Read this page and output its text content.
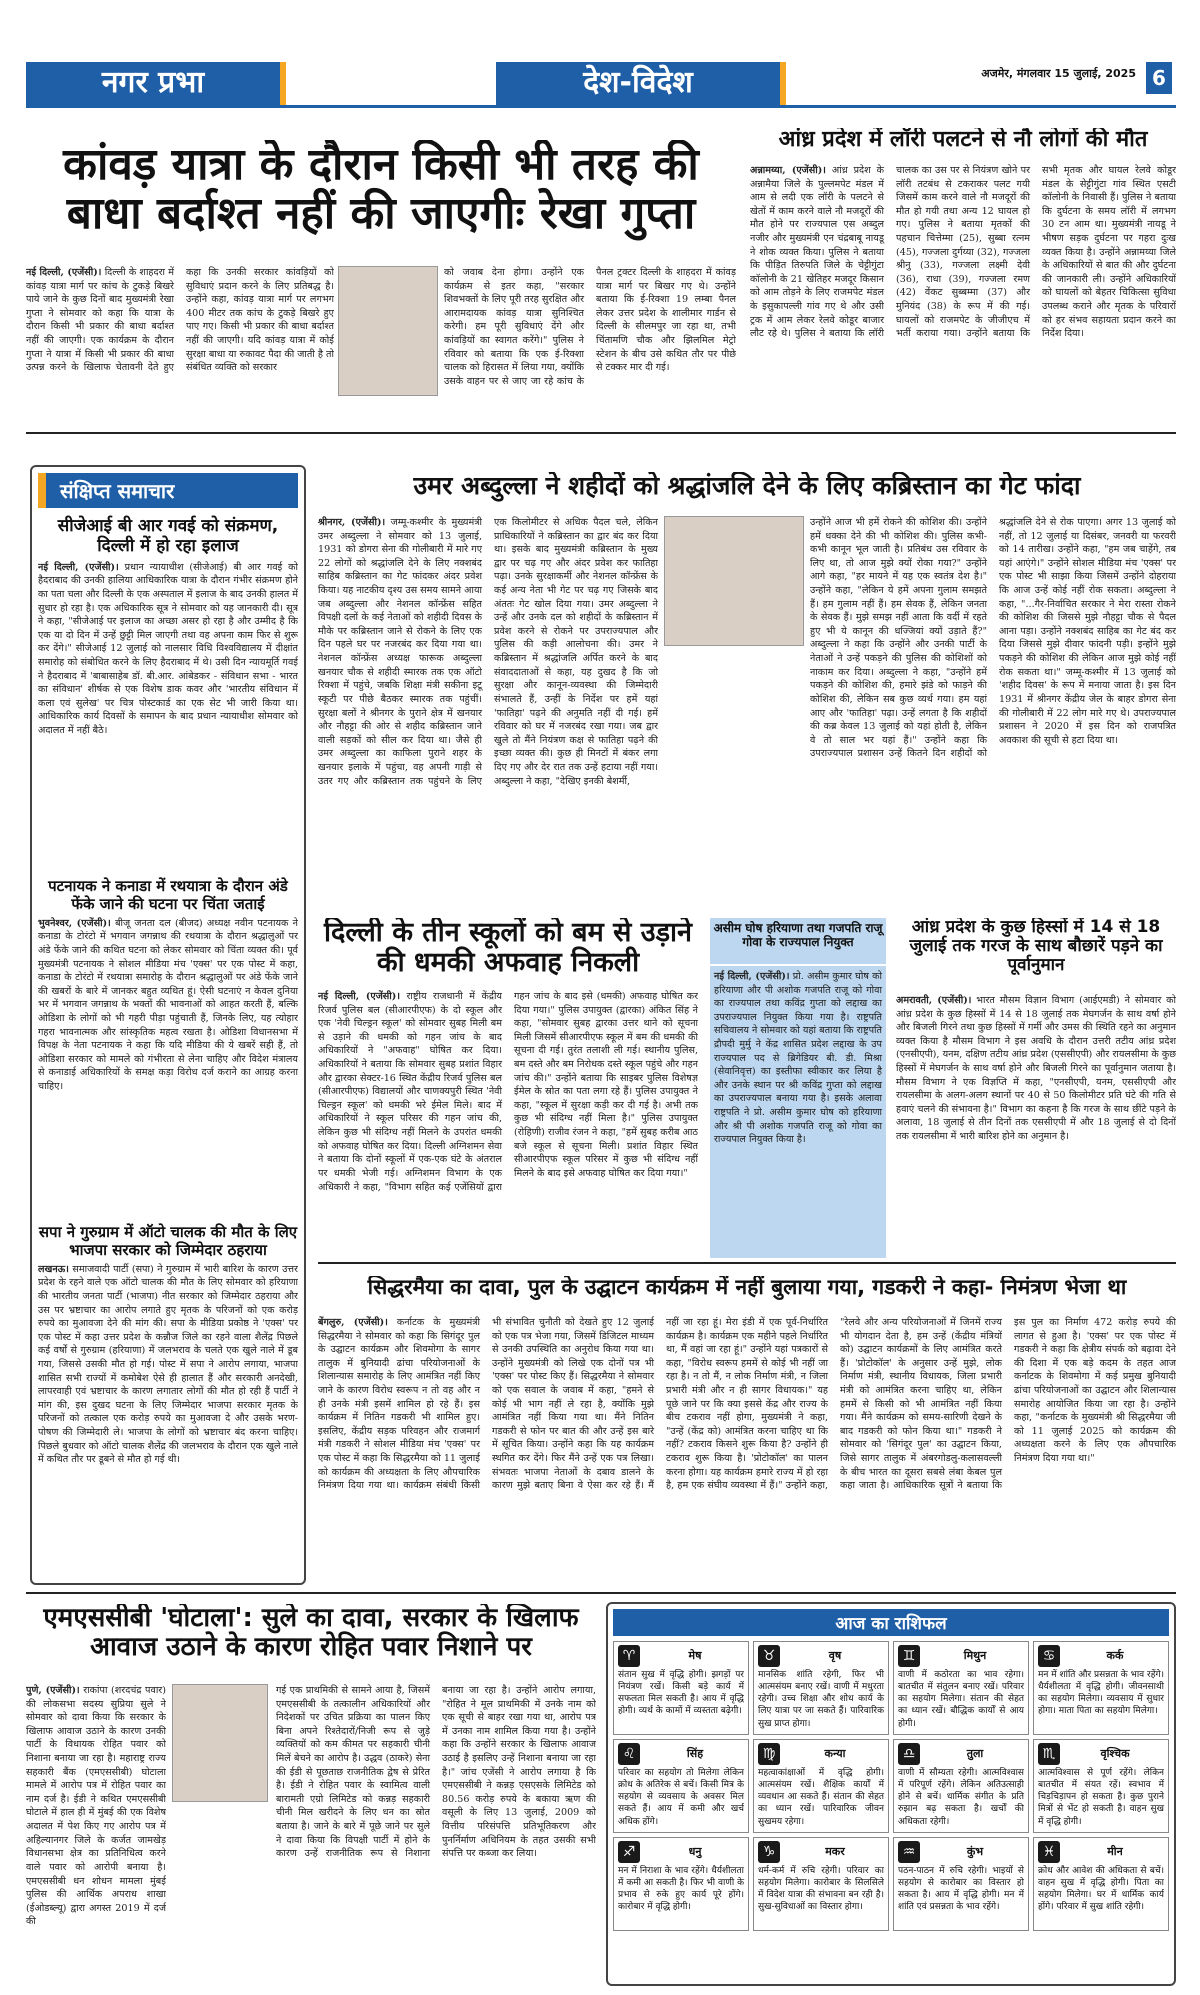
नगर प्रभा	देश-विदेश	अजमेर, मंगलवार 15 जुलाई, 2025 6
कांवड़ यात्रा के दौरान किसी भी तरह की बाधा बर्दाश्त नहीं की जाएगीः रेखा गुप्ता
नई दिल्ली, (एजेंसी)। दिल्ली के शाहदरा में कांवड़ यात्रा मार्ग पर कांच के टुकड़े बिखरे पाये जाने के कुछ दिनों बाद मुख्यमंत्री रेखा गुप्ता ने सोमवार को कहा कि यात्रा के दौरान किसी भी प्रकार की बाधा बर्दाश्त नहीं की जाएगी। एक कार्यक्रम के दौरान गुप्ता ने यात्रा में किसी भी प्रकार की बाधा उत्पन्न करने के खिलाफ चेतावनी देते हुए कहा कि उनकी सरकार कांवड़ियों को सुविधाएं प्रदान करने के लिए प्रतिबद्ध है। उन्होंने कहा, कांवड़ यात्रा मार्ग पर लगभग 400 मीटर तक कांच के टुकड़े बिखरे हुए पाए गए। किसी भी प्रकार की बाधा बर्दाश्त नहीं की जाएगी। यदि कांवड़ यात्रा में कोई सुरक्षा बाधा या रुकावट पैदा की जाती है तो संबंधित व्यक्ति को सरकार
को जवाब देना होगा। उन्होंने एक कार्यक्रम से इतर कहा, "सरकार शिवभक्तों के लिए पूरी तरह सुरक्षित और आरामदायक कांवड़ यात्रा सुनिश्चित करेगी। हम पूरी सुविधाएं देंगे और कांवड़ियों का स्वागत करेंगे।" पुलिस ने रविवार को बताया कि एक ई-रिक्शा चालक को हिरासत में लिया गया, क्योंकि उसके वाहन पर से जाए जा रहे कांच के पैनल ट्रक्टर दिल्ली के शाहदरा में कांवड़ यात्रा मार्ग पर बिखर गए थे। उन्होंने बताया कि ई-रिक्शा 19 लम्बा पैनल लेकर उत्तर प्रदेश के शालीमार गार्डन से दिल्ली के सीलमपुर जा रहा था, तभी चिंतामणि चौक और झिलमिल मेट्रो स्टेशन के बीच उसे कथित तौर पर पीछे से टक्कर मार दी गई।
आंध्र प्रदेश में लॉरी पलटने से नौ लोगों की मौत
अन्नामय्या, (एजेंसी)। आंध्र प्रदेश के अन्नामैया जिले के पुल्लमपेट मंडल में आम से लदी एक लॉरी के पलटने से खेतों में काम करने वाले नौ मजदूरों की मौत होने पर राज्यपाल एस अब्दुल नजीर और मुख्यमंत्री एन चंद्रबाबू नायडू ने शोक व्यक्त किया। पुलिस ने बताया कि पीड़ित तिरुपति जिले के चेट्टीगुंटा कॉलोनी के 21 खेतिहर मजदूर किसान को आम तोड़ने के लिए राजमपेट मंडल के इसुकापल्ली गांव गए थे और उसी ट्रक में आम लेकर रेलवे कोडूर बाजार लौट रहे थे। पुलिस ने बताया कि लॉरी चालक का उस पर से नियंत्रण खोने पर लॉरी तटबंध से टकराकर पलट गयी जिसमें काम करने वाले नौ मजदूरों की मौत हो गयी तथा अन्य 12 घायल हो गए। पुलिस ने बताया मृतकों की पहचान चित्तेम्मा (25), सुब्बा रत्नम (45), गज्जला दुर्गय्या (32), गज्जला श्रीनु (33), गज्जला लक्ष्मी देवी (36), राधा (39), गज्जला रमण (42) वेंकट सुब्बम्मा (37) और मुनियंद (38) के रूप में की गई। घायलों को राजमपेट के जीजीएच में भर्ती कराया गया। उन्होंने बताया कि सभी मृतक और घायल रेलवे कोडूर मंडल के सेट्टीगुंटा गांव स्थित एसटी कॉलोनी के निवासी हैं। पुलिस ने बताया कि दुर्घटना के समय लॉरी में लगभग 30 टन आम था। मुख्यमंत्री नायडू ने भीषण सड़क दुर्घटना पर गहरा दुःख व्यक्त किया है। उन्होंने अन्नामय्या जिले के अधिकारियों से बात की और दुर्घटना की जानकारी ली। उन्होंने अधिकारियों को घायलों को बेहतर चिकित्सा सुविधा उपलब्ध कराने और मृतक के परिवारों को हर संभव सहायता प्रदान करने का निर्देश दिया।
संक्षिप्त समाचार
सीजेआई बी आर गवई को संक्रमण, दिल्ली में हो रहा इलाज
नई दिल्ली, (एजेंसी)। प्रधान न्यायाधीश (सीजेआई) बी आर गवई को हैदराबाद की उनकी हालिया आधिकारिक यात्रा के दौरान गंभीर संक्रमण होने का पता चला और दिल्ली के एक अस्पताल में इलाज के बाद उनकी हालत में सुधार हो रहा है। एक अधिकारिक सूत्र ने सोमवार को यह जानकारी दी। सूत्र ने कहा, "सीजेआई पर इलाज का अच्छा असर हो रहा है और उम्मीद है कि एक या दो दिन में उन्हें छुट्टी मिल जाएगी तथा वह अपना काम फिर से शुरू कर देंगे।" सीजेआई 12 जुलाई को नालसार विधि विश्वविद्यालय में दीक्षांत समारोह को संबोधित करने के लिए हैदराबाद में थे। उसी दिन न्यायमूर्ति गवई ने हैदराबाद में 'बाबासाहेब डॉ. बी.आर. आंबेडकर - संविधान सभा - भारत का संविधान' शीर्षक से एक विशेष डाक कवर और 'भारतीय संविधान में कला एवं सुलेख' पर चित्र पोस्टकार्ड का एक सेट भी जारी किया था।आधिकारिक कार्य दिवसों के समापन के बाद प्रधान न्यायाधीश सोमवार को अदालत में नहीं बैठे।
पटनायक ने कनाडा में रथयात्रा के दौरान अंडे फेंके जाने की घटना पर चिंता जताई
भुवनेश्वर, (एजेंसी)। बीजू जनता दल (बीजद) अध्यक्ष नवीन पटनायक ने कनाडा के टोरंटो में भगवान जगन्नाथ की रथयात्रा के दौरान श्रद्धालुओं पर अंडे फेंके जाने की कथित घटना को लेकर सोमवार को चिंता व्यक्त की। पूर्व मुख्यमंत्री पटनायक ने सोशल मीडिया मंच 'एक्स' पर एक पोस्ट में कहा, कनाडा के टोरंटो में रथयात्रा समारोह के दौरान श्रद्धालुओं पर अंडे फेंके जाने की खबरों के बारे में जानकर बहुत व्यथित हूं। ऐसी घटनाएं न केवल दुनिया भर में भगवान जगन्नाथ के भक्तों की भावनाओं को आहत करती हैं, बल्कि ओडिशा के लोगों को भी गहरी पीड़ा पहुंचाती हैं, जिनके लिए, यह त्योहार गहरा भावनात्मक और सांस्कृतिक महत्व रखता है। ओडिशा विधानसभा में विपक्ष के नेता पटनायक ने कहा कि यदि मीडिया की ये खबरें सही हैं, तो ओडिशा सरकार को मामले को गंभीरता से लेना चाहिए और विदेश मंत्रालय से कनाडाई अधिकारियों के समक्ष कड़ा विरोध दर्ज कराने का आग्रह करना चाहिए।
सपा ने गुरुग्राम में ऑटो चालक की मौत के लिए भाजपा सरकार को जिम्मेदार ठहराया
लखनऊ। समाजवादी पार्टी (सपा) ने गुरुग्राम में भारी बारिश के कारण उत्तर प्रदेश के रहने वाले एक ऑटो चालक की मौत के लिए सोमवार को हरियाणा की भारतीय जनता पार्टी (भाजपा) नीत सरकार को जिम्मेदार ठहराया और उस पर भ्रष्टाचार का आरोप लगाते हुए मृतक के परिजनों को एक करोड़ रुपये का मुआवजा देने की मांग की। सपा के मीडिया प्रकोष्ठ ने 'एक्स' पर एक पोस्ट में कहा उत्तर प्रदेश के कन्नौज जिले का रहने वाला शैलेंद्र पिछले कई वर्षों से गुरुग्राम (हरियाणा) में जलभराव के चलते एक खुले नाले में डूब गया, जिससे उसकी मौत हो गई। पोस्ट में सपा ने आरोप लगाया, भाजपा शासित सभी राज्यों में कमोबेश ऐसे ही हालात हैं और सरकारी अनदेखी, लापरवाही एवं भ्रष्टाचार के कारण लगातार लोगों की मौत हो रही हैं पार्टी ने मांग की, इस दुखद घटना के लिए जिम्मेदार भाजपा सरकार मृतक के परिजनों को तत्काल एक करोड़ रुपये का मुआवजा दे और उसके भरण-पोषण की जिम्मेदारी ले। भाजपा के लोगों को भ्रष्टाचार बंद करना चाहिए। पिछले बुधवार को ऑटो चालक शैलेंद्र की जलभराव के दौरान एक खुले नाले में कथित तौर पर डूबने से मौत हो गई थी।
उमर अब्दुल्ला ने शहीदों को श्रद्धांजलि देने के लिए कब्रिस्तान का गेट फांदा
श्रीनगर, (एजेंसी)। जम्मू-कश्मीर के मुख्यमंत्री उमर अब्दुल्ला ने सोमवार को 13 जुलाई, 1931 को डोगरा सेना की गोलीबारी में मारे गए 22 लोगों को श्रद्धांजलि देने के लिए नक्शबंद साहिब कब्रिस्तान का गेट फांदकर अंदर प्रवेश किया। यह नाटकीय दृश्य उस समय सामने आया जब अब्दुल्ला और नेशनल कॉन्फ्रेंस सहित विपक्षी दलों के कई नेताओं को शहीदी दिवस के मौके पर कब्रिस्तान जाने से रोकने के लिए एक दिन पहले घर पर नजरबंद कर दिया गया था। नेशनल कॉन्फ्रेंस अध्यक्ष फारूक अब्दुल्ला खनयार चौक से शहीदी स्मारक तक एक ऑटो रिक्शा में पहुंचे, जबकि शिक्षा मंत्री सकीना इटू स्कूटी पर पीछे बैठकर स्मारक तक पहुंचीं। सुरक्षा बलों ने श्रीनगर के पुराने क्षेत्र में खनयार और नौहट्टा की ओर से शहीद कब्रिस्तान जाने वाली सड़कों को सील कर दिया था। जैसे ही उमर अब्दुल्ला का काफिला पुराने शहर के खनयार इलाके में पहुंचा, वह अपनी गाड़ी से उतर गए और कब्रिस्तान तक पहुंचने के लिए एक किलोमीटर से अधिक पैदल चले, लेकिन प्राधिकारियों ने कब्रिस्तान का द्वार बंद कर दिया था। इसके बाद मुख्यमंत्री कब्रिस्तान के मुख्य द्वार पर चढ़ गए और अंदर प्रवेश कर फातिहा पढ़ा। उनके सुरक्षाकर्मी और नेशनल कॉन्फ्रेंस के कई अन्य नेता भी गेट पर चढ़ गए जिसके बाद अंततः गेट खोल दिया गया। उमर अब्दुल्ला ने उन्हें और उनके दल को शहीदों के कब्रिस्तान में प्रवेश करने से रोकने पर उपराज्यपाल और पुलिस की कड़ी आलोचना की। उमर ने कब्रिस्तान में श्रद्धांजलि अर्पित करने के बाद संवाददाताओं से कहा, यह दुखद है कि जो सुरक्षा और कानून-व्यवस्था की जिम्मेदारी संभालते हैं, उन्हीं के निर्देश पर हमें यहां 'फातिहा' पढ़ने की अनुमति नहीं दी गई। हमें रविवार को घर में नजरबंद रखा गया। जब द्वार खुले तो मैंने नियंत्रण कक्ष से फातिहा पढ़ने की इच्छा व्यक्त की। कुछ ही मिनटों में बंकर लगा दिए गए और देर रात तक उन्हें हटाया नहीं गया। अब्दुल्ला ने कहा, "देखिए इनकी बेशर्मी,
उन्होंने आज भी हमें रोकने की कोशिश की। उन्होंने हमें धक्का देने की भी कोशिश की। पुलिस कभी-कभी कानून भूल जाती है। प्रतिबंध उस रविवार के लिए था, तो आज मुझे क्यों रोका गया?" उन्होंने आगे कहा, "हर मायने में यह एक स्वतंत्र देश है।" उन्होंने कहा, "लेकिन ये हमें अपना गुलाम समझते हैं। हम गुलाम नहीं हैं। हम सेवक हैं, लेकिन जनता के सेवक हैं। मुझे समझ नहीं आता कि वर्दी में रहते हुए भी ये कानून की धज्जियां क्यों उड़ाते हैं?" अब्दुल्ला ने कहा कि उन्होंने और उनकी पार्टी के नेताओं ने उन्हें पकड़ने की पुलिस की कोशिशों को नाकाम कर दिया। अब्दुल्ला ने कहा, "उन्होंने हमें पकड़ने की कोशिश की, हमारे झंडे को फाड़ने की कोशिश की, लेकिन सब कुछ व्यर्थ गया। हम यहां आए और 'फातिहा' पढ़ा। उन्हें लगता है कि शहीदों की कब्र केवल 13 जुलाई को यहां होती है, लेकिन वे तो साल भर यहां हैं।" उन्होंने कहा कि उपराज्यपाल प्रशासन उन्हें कितने दिन शहीदों को श्रद्धांजलि देने से रोक पाएगा। अगर 13 जुलाई को नहीं, तो 12 जुलाई या दिसंबर, जनवरी या फरवरी को 14 तारीख। उन्होंने कहा, "हम जब चाहेंगे, तब यहां आएंगे।" उन्होंने सोशल मीडिया मंच 'एक्स' पर एक पोस्ट भी साझा किया जिसमें उन्होंने दोहराया कि आज उन्हें कोई नहीं रोक सकता। अब्दुल्ला ने कहा, "...गैर-निर्वाचित सरकार ने मेरा रास्ता रोकने की कोशिश की जिससे मुझे नौहट्टा चौक से पैदल आना पड़ा। उन्होंने नक्शबंद साहिब का गेट बंद कर दिया जिससे मुझे दीवार फांदनी पड़ी। इन्होंने मुझे पकड़ने की कोशिश की लेकिन आज मुझे कोई नहीं रोक सकता था।" जम्मू-कश्मीर में 13 जुलाई को 'शहीद दिवस' के रूप में मनाया जाता है। इस दिन 1931 में श्रीनगर केंद्रीय जेल के बाहर डोगरा सेना की गोलीबारी में 22 लोग मारे गए थे। उपराज्यपाल प्रशासन ने 2020 में इस दिन को राजपत्रित अवकाश की सूची से हटा दिया था।
दिल्ली के तीन स्कूलों को बम से उड़ाने की धमकी अफवाह निकली
नई दिल्ली, (एजेंसी)। राष्ट्रीय राजधानी में केंद्रीय रिजर्व पुलिस बल (सीआरपीएफ) के दो स्कूल और एक 'नेवी चिल्ड्रन स्कूल' को सोमवार सुबह मिली बम से उड़ाने की धमकी को गहन जांच के बाद अधिकारियों ने "अफवाह" घोषित कर दिया। अधिकारियों ने बताया कि सोमवार सुबह प्रशांत विहार और द्वारका सेक्टर-16 स्थित केंद्रीय रिजर्व पुलिस बल (सीआरपीएफ) विद्यालयों और चाणक्यपुरी स्थित 'नेवी चिल्ड्रन स्कूल' को धमकी भरे ईमेल मिले। बाद में अधिकारियों ने स्कूल परिसर की गहन जांच की, लेकिन कुछ भी संदिग्ध नहीं मिलने के उपरांत धमकी को अफवाह घोषित कर दिया। दिल्ली अग्निशमन सेवा ने बताया कि दोनों स्कूलों में एक-एक घंटे के अंतराल पर धमकी भेजी गई। अग्निशमन विभाग के एक अधिकारी ने कहा, "विभाग सहित कई एजेंसियों द्वारा गहन जांच के बाद इसे (धमकी) अफवाह घोषित कर दिया गया।" पुलिस उपायुक्त (द्वारका) अंकित सिंह ने कहा, "सोमवार सुबह द्वारका उत्तर थाने को सूचना मिली जिसमें सीआरपीएफ स्कूल में बम की धमकी की सूचना दी गई। तुरंत तलाशी ली गई। स्थानीय पुलिस, बम दस्ते और बम निरोधक दस्ते स्कूल पहुंचे और गहन जांच की।" उन्होंने बताया कि साइबर पुलिस विशेषज्ञ ईमेल के स्रोत का पता लगा रहे हैं। पुलिस उपायुक्त ने कहा, "स्कूल में सुरक्षा कड़ी कर दी गई है। अभी तक कुछ भी संदिग्ध नहीं मिला है।" पुलिस उपायुक्त (रोहिणी) राजीव रंजन ने कहा, "हमें सुबह करीब आठ बजे स्कूल से सूचना मिली। प्रशांत विहार स्थित सीआरपीएफ स्कूल परिसर में कुछ भी संदिग्ध नहीं मिलने के बाद इसे अफवाह घोषित कर दिया गया।"
असीम घोष हरियाणा तथा गजपति राजू गोवा के राज्यपाल नियुक्त
नई दिल्ली, (एजेंसी)। प्रो. असीम कुमार घोष को हरियाणा और पी अशोक गजपति राजू को गोवा का राज्यपाल तथा कविंद्र गुप्ता को लद्दाख का उपराज्यपाल नियुक्त किया गया है। राष्ट्रपति सचिवालय ने सोमवार को यहां बताया कि राष्ट्रपति द्रौपदी मुर्मु ने केंद्र शासित प्रदेश लद्दाख के उप राज्यपाल पद से ब्रिगेडियर बी. डी. मिश्रा (सेवानिवृत्त) का इस्तीफा स्वीकार कर लिया है और उनके स्थान पर श्री कविंद्र गुप्ता को लद्दाख का उपराज्यपाल बनाया गया है। इसके अलावा राष्ट्रपति ने प्रो. असीम कुमार घोष को हरियाणा और श्री पी अशोक गजपति राजू को गोवा का राज्यपाल नियुक्त किया है।
आंध्र प्रदेश के कुछ हिस्सों में 14 से 18 जुलाई तक गरज के साथ बौछारें पड़ने का पूर्वानुमान
अमरावती, (एजेंसी)। भारत मौसम विज्ञान विभाग (आईएमडी) ने सोमवार को आंध्र प्रदेश के कुछ हिस्सों में 14 से 18 जुलाई तक मेघगर्जन के साथ वर्षा होने और बिजली गिरने तथा कुछ हिस्सों में गर्मी और उमस की स्थिति रहने का अनुमान व्यक्त किया है मौसम विभाग ने इस अवधि के दौरान उत्तरी तटीय आंध्र प्रदेश (एनसीएपी), यनम, दक्षिण तटीय आंध्र प्रदेश (एससीएपी) और रायलसीमा के कुछ हिस्सों में मेघगर्जन के साथ वर्षा होने और बिजली गिरने का पूर्वानुमान जताया है। मौसम विभाग ने एक विज्ञप्ति में कहा, "एनसीएपी, यनम, एससीएपी और रायलसीमा के अलग-अलग स्थानों पर 40 से 50 किलोमीटर प्रति घंटे की गति से हवाएं चलने की संभावना है।" विभाग का कहना है कि गरज के साथ छींटे पड़ने के अलावा, 18 जुलाई से तीन दिनों तक एससीएपी में और 18 जुलाई से दो दिनों तक रायलसीमा में भारी बारिश होने का अनुमान है।
सिद्धरमैया का दावा, पुल के उद्घाटन कार्यक्रम में नहीं बुलाया गया, गडकरी ने कहा- निमंत्रण भेजा था
बेंगलुरु, (एजेंसी)। कर्नाटक के मुख्यमंत्री सिद्धरमैया ने सोमवार को कहा कि सिगंदूर पुल के उद्घाटन कार्यक्रम और शिवमोगा के सागर तालुक में बुनियादी ढांचा परियोजनाओं के शिलान्यास समारोह के लिए आमंत्रित नहीं किए जाने के कारण विरोध स्वरूप न तो वह और न ही उनके मंत्री इसमें शामिल हो रहे हैं। इस कार्यक्रम में नितिन गडकरी भी शामिल हुए। इसलिए, केंद्रीय सड़क परिवहन और राजमार्ग मंत्री गडकरी ने सोशल मीडिया मंच 'एक्स' पर एक पोस्ट में कहा कि सिद्धरमैया को 11 जुलाई को कार्यक्रम की अध्यक्षता के लिए औपचारिक निमंत्रण दिया गया था। कार्यक्रम संबंधी किसी भी संभावित चुनौती को देखते हुए 12 जुलाई को एक पत्र भेजा गया, जिसमें डिजिटल माध्यम से उनकी उपस्थिति का अनुरोध किया गया था। उन्होंने मुख्यमंत्री को लिखे एक दोनों पत्र भी 'एक्स' पर पोस्ट किए हैं। सिद्धरमैया ने सोमवार को एक सवाल के जवाब में कहा, "हमने से कोई भी भाग नहीं ले रहा है, क्योंकि मुझे आमंत्रित नहीं किया गया था। मैंने नितिन गडकरी से फोन पर बात की और उन्हें इस बारे में सूचित किया। उन्होंने कहा कि यह कार्यक्रम स्थगित कर देंगे। फिर मैंने उन्हें एक पत्र लिखा। संभवतः भाजपा नेताओं के दबाव डालने के कारण मुझे बताए बिना वे ऐसा कर रहे हैं। मैं नहीं जा रहा हूं। मेरा इंडी में एक पूर्व-निर्धारित कार्यक्रम है। कार्यक्रम एक महीने पहले निर्धारित था, मैं वहां जा रहा हूं।" उन्होंने यहां पत्रकारों से कहा, "विरोध स्वरूप हममें से कोई भी नहीं जा रहा है। न तो मैं, न लोक निर्माण मंत्री, न जिला प्रभारी मंत्री और न ही सागर विधायक।" यह पूछे जाने पर कि क्या इससे केंद्र और राज्य के बीच टकराव नहीं होगा, मुख्यमंत्री ने कहा, "उन्हें (केंद्र को) आमंत्रित करना चाहिए था कि नहीं? टकराव किसने शुरू किया है? उन्होंने ही टकराव शुरू किया है। 'प्रोटोकॉल' का पालन करना होगा। यह कार्यक्रम हमारे राज्य में हो रहा है, हम एक संघीय व्यवस्था में हैं।" उन्होंने कहा, "रेलवे और अन्य परियोजनाओं में जिनमें राज्य भी योगदान देता है, हम उन्हें (केंद्रीय मंत्रियों को) उद्घाटन कार्यक्रमों के लिए आमंत्रित करते हैं। 'प्रोटोकॉल' के अनुसार उन्हें मुझे, लोक निर्माण मंत्री, स्थानीय विधायक, जिला प्रभारी मंत्री को आमंत्रित करना चाहिए था, लेकिन हममें से किसी को भी आमंत्रित नहीं किया गया। मैंने कार्यक्रम को समय-सारिणी देखने के बाद गडकरी को फोन किया था।" गडकरी ने सोमवार को 'सिगंदूर पुल' का उद्घाटन किया, जिसे सागर तालुक में अंबरगोडलु-कलासवल्ली के बीच भारत का दूसरा सबसे लंबा केबल पुल कहा जाता है। आधिकारिक सूत्रों ने बताया कि इस पुल का निर्माण 472 करोड़ रुपये की लागत से हुआ है। 'एक्स' पर एक पोस्ट में गडकरी ने कहा कि क्षेत्रीय संपर्क को बढ़ावा देने की दिशा में एक बड़े कदम के तहत आज कर्नाटक के शिवमोगा में कई प्रमुख बुनियादी ढांचा परियोजनाओं का उद्घाटन और शिलान्यास समारोह आयोजित किया जा रहा है। उन्होंने कहा, "कर्नाटक के मुख्यमंत्री श्री सिद्धरमैया जी को 11 जुलाई 2025 को कार्यक्रम की अध्यक्षता करने के लिए एक औपचारिक निमंत्रण दिया गया था।"
एमएससीबी 'घोटाला': सुले का दावा, सरकार के खिलाफ आवाज उठाने के कारण रोहित पवार निशाने पर
पुणे, (एजेंसी)। राकांपा (शरदचंद्र पवार) की लोकसभा सदस्य सुप्रिया सुले ने सोमवार को दावा किया कि सरकार के खिलाफ आवाज उठाने के कारण उनकी पार्टी के विधायक रोहित पवार को निशाना बनाया जा रहा है। महाराष्ट्र राज्य सहकारी बैंक (एमएससीबी) घोटाला मामले में आरोप पत्र में रोहित पवार का नाम दर्ज है। ईडी ने कथित एमएससीबी घोटाले में हाल ही में मुंबई की एक विशेष अदालत में पेश किए गए आरोप पत्र में अहिल्यानगर जिले के कर्जत जामखेड़ विधानसभा क्षेत्र का प्रतिनिधित्व करने वाले पवार को आरोपी बनाया है। एमएससीबी धन शोधन मामला मुंबई पुलिस की आर्थिक अपराध शाखा (ईओडब्ल्यू) द्वारा अगस्त 2019 में दर्ज की
गई एक प्राथमिकी से सामने आया है, जिसमें एमएससीबी के तत्कालीन अधिकारियों और निदेशकों पर उचित प्रक्रिया का पालन किए बिना अपने रिश्तेदारों/निजी रूप से जुड़े व्यक्तियों को कम कीमत पर सहकारी चीनी मिलें बेचने का आरोप है। उद्धव (ठाकरे) सेना की ईडी से पूछताछ राजनीतिक द्वेष से प्रेरित है। ईडी ने रोहित पवार के स्वामित्व वाली बारामती एग्रो लिमिटेड को कन्नड़ सहकारी चीनी मिल खरीदने के लिए धन का स्रोत बताया है। जाने के बारे में पूछे जाने पर सुले ने दावा किया कि विपक्षी पार्टी में होने के कारण उन्हें राजनीतिक रूप से निशाना बनाया जा रहा है। उन्होंने आरोप लगाया, "रोहित ने मूल प्राथमिकी में उनके नाम को एक सूची से बाहर रखा गया था, आरोप पत्र में उनका नाम शामिल किया गया है। उन्होंने कहा कि उन्होंने सरकार के खिलाफ आवाज उठाई है इसलिए उन्हें निशाना बनाया जा रहा है।" जांच एजेंसी ने आरोप लगाया है कि एमएससीबी ने कन्नड़ एसएसके लिमिटेड को 80.56 करोड़ रुपये के बकाया ऋण की वसूली के लिए 13 जुलाई, 2009 को वित्तीय परिसंपत्ति प्रतिभूतिकरण और पुनर्निर्माण अधिनियम के तहत उसकी सभी संपत्ति पर कब्जा कर लिया।
आज का राशिफल
♈	मेष
संतान सुख में वृद्धि होगी। झगड़ों पर नियंत्रण रखें। किसी बड़े कार्य में सफलता मिल सकती है। आय में वृद्धि होगी। व्यर्थ के कामों में व्यस्तता बढ़ेगी।
♉	वृष
मानसिक शांति रहेगी, फिर भी आत्मसंयम बनाए रखें। वाणी में मधुरता रहेगी। उच्च शिक्षा और शोध कार्य के लिए यात्रा पर जा सकते हैं। पारिवारिक सुख प्राप्त होगा।
♊	मिथुन
वाणी में कठोरता का भाव रहेगा। बातचीत में संतुलन बनाए रखें। परिवार का सहयोग मिलेगा। संतान की सेहत का ध्यान रखें। बौद्धिक कार्यों से आय होगी।
♋	कर्क
मन में शांति और प्रसन्नता के भाव रहेंगे। धैर्यशीलता में वृद्धि होगी। जीवनसाथी का सहयोग मिलेगा। व्यवसाय में सुधार होगा। माता पिता का सहयोग मिलेगा।
♌	सिंह
परिवार का सहयोग तो मिलेगा लेकिन क्रोध के अतिरेक से बचें। किसी मित्र के सहयोग से व्यवसाय के अवसर मिल सकते हैं। आय में कमी और खर्च अधिक होंगे।
♍	कन्या
महत्वाकांक्षाओं में वृद्धि होगी। आत्मसंयम रखें। शैक्षिक कार्यों में व्यवधान आ सकते हैं। संतान की सेहत का ध्यान रखें। पारिवारिक जीवन सुखमय रहेगा।
♎	तुला
वाणी में सौम्यता रहेगी। आत्मविश्वास में परिपूर्ण रहेंगे। लेकिन अतिउत्साही होने से बचें। धार्मिक संगीत के प्रति रुझान बढ़ सकता है। खर्चों की अधिकता रहेगी।
♏	वृश्चिक
आत्मविश्वास से पूर्ण रहेंगे। लेकिन बातचीत में संयत रहें। स्वभाव में चिड़चिड़ापन हो सकता है। कुछ पुराने मित्रों से भेंट हो सकती है। वाहन सुख में वृद्धि होगी।
♐	धनु
मन में निराशा के भाव रहेंगे। धैर्यशीलता में कमी आ सकती है। फिर भी वाणी के प्रभाव से रुके हुए कार्य पूरे होंगे। कारोबार में वृद्धि होगी।
♑	मकर
धर्म-कर्म में रुचि रहेगी। परिवार का सहयोग मिलेगा। कारोबार के सिलसिले में विदेश यात्रा की संभावना बन रही है। सुख-सुविधाओं का विस्तार होगा।
♒	कुंभ
पठन-पाठन में रुचि रहेगी। भाइयों से सहयोग से कारोबार का विस्तार हो सकता है। आय में वृद्धि होगी। मन में शांति एवं प्रसन्नता के भाव रहेंगे।
♓	मीन
क्रोध और आवेश की अधिकता से बचें। वाहन सुख में वृद्धि होगी। पिता का सहयोग मिलेगा। घर में धार्मिक कार्य होंगे। परिवार में सुख शांति रहेगी।
